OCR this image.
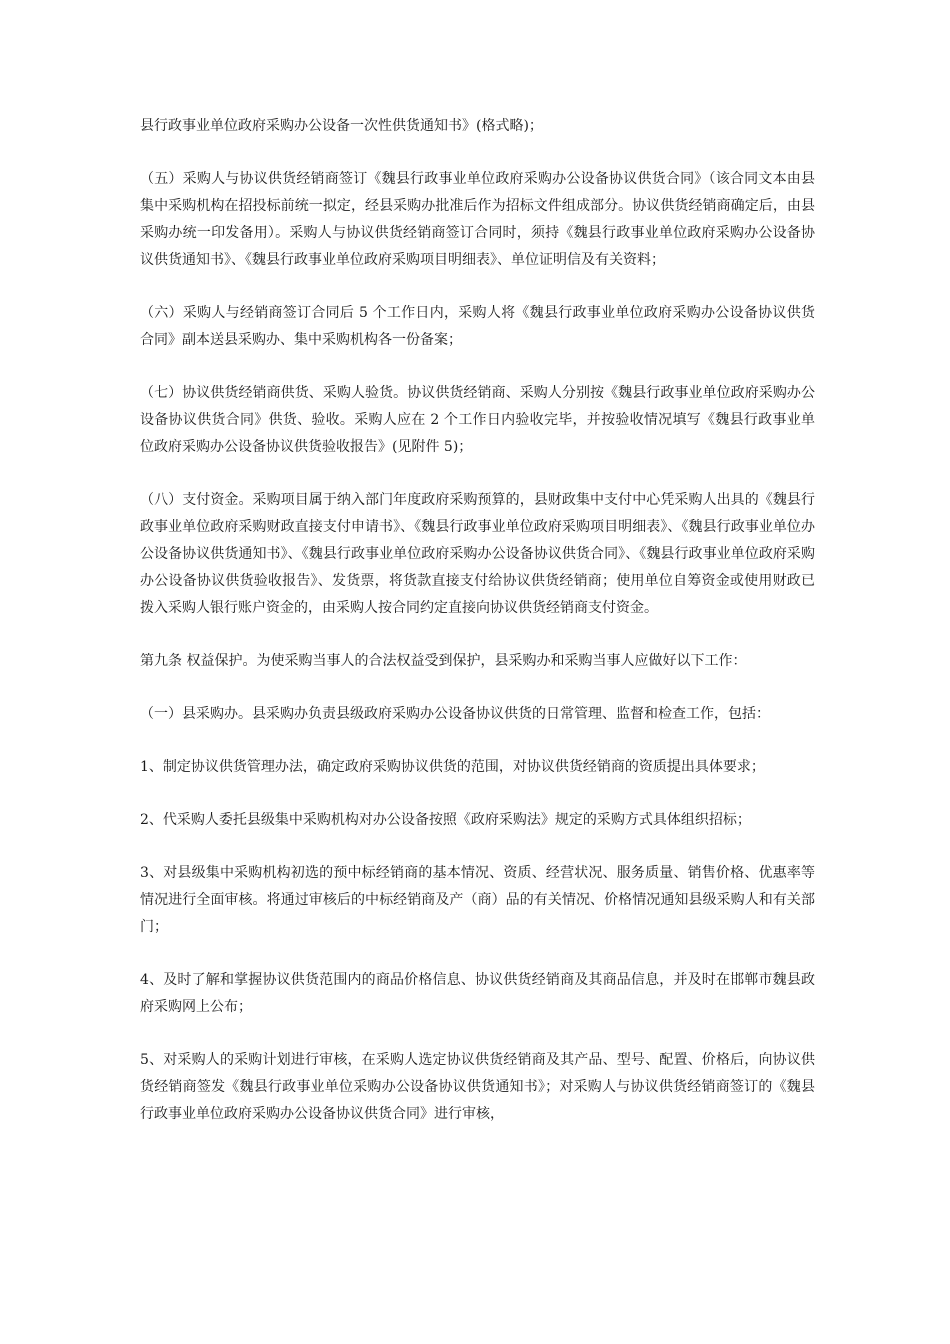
县行政事业单位政府采购办公设备一次性供货通知书》(格式略)；

（五）采购人与协议供货经销商签订《魏县行政事业单位政府采购办公设备协议供货合同》（该合同文本由县集中采购机构在招投标前统一拟定，经县采购办批准后作为招标文件组成部分。协议供货经销商确定后，由县采购办统一印发备用）。采购人与协议供货经销商签订合同时，须持《魏县行政事业单位政府采购办公设备协议供货通知书》、《魏县行政事业单位政府采购项目明细表》、单位证明信及有关资料；

（六）采购人与经销商签订合同后 5 个工作日内，采购人将《魏县行政事业单位政府采购办公设备协议供货合同》副本送县采购办、集中采购机构各一份备案；

（七）协议供货经销商供货、采购人验货。协议供货经销商、采购人分别按《魏县行政事业单位政府采购办公设备协议供货合同》供货、验收。采购人应在 2 个工作日内验收完毕，并按验收情况填写《魏县行政事业单位政府采购办公设备协议供货验收报告》(见附件 5)；

（八）支付资金。采购项目属于纳入部门年度政府采购预算的，县财政集中支付中心凭采购人出具的《魏县行政事业单位政府采购财政直接支付申请书》、《魏县行政事业单位政府采购项目明细表》、《魏县行政事业单位办公设备协议供货通知书》、《魏县行政事业单位政府采购办公设备协议供货合同》、《魏县行政事业单位政府采购办公设备协议供货验收报告》、发货票，将货款直接支付给协议供货经销商；使用单位自筹资金或使用财政已拨入采购人银行账户资金的，由采购人按合同约定直接向协议供货经销商支付资金。

第九条 权益保护。为使采购当事人的合法权益受到保护，县采购办和采购当事人应做好以下工作：

（一）县采购办。县采购办负责县级政府采购办公设备协议供货的日常管理、监督和检查工作，包括：

1、制定协议供货管理办法，确定政府采购协议供货的范围，对协议供货经销商的资质提出具体要求；

2、代采购人委托县级集中采购机构对办公设备按照《政府采购法》规定的采购方式具体组织招标；

3、对县级集中采购机构初选的预中标经销商的基本情况、资质、经营状况、服务质量、销售价格、优惠率等情况进行全面审核。将通过审核后的中标经销商及产（商）品的有关情况、价格情况通知县级采购人和有关部门；

4、及时了解和掌握协议供货范围内的商品价格信息、协议供货经销商及其商品信息，并及时在邯郸市魏县政府采购网上公布；

5、对采购人的采购计划进行审核，在采购人选定协议供货经销商及其产品、型号、配置、价格后，向协议供货经销商签发《魏县行政事业单位采购办公设备协议供货通知书》；对采购人与协议供货经销商签订的《魏县行政事业单位政府采购办公设备协议供货合同》进行审核，
